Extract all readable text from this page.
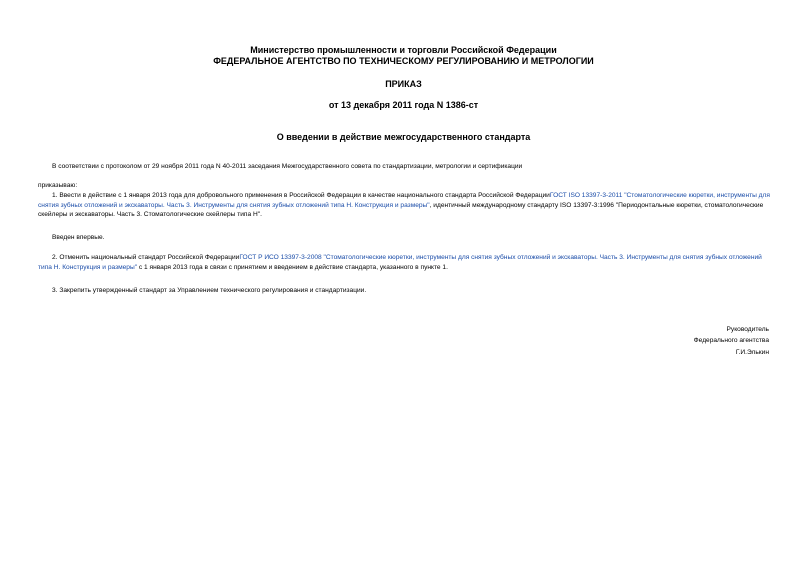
Министерство промышленности и торговли Российской Федерации
ФЕДЕРАЛЬНОЕ АГЕНТСТВО ПО ТЕХНИЧЕСКОМУ РЕГУЛИРОВАНИЮ И МЕТРОЛОГИИ
ПРИКАЗ
от 13 декабря 2011 года N 1386-ст
О введении в действие межгосударственного стандарта

В соответствии с протоколом от 29 ноября 2011 года N 40-2011 заседания Межгосударственного совета по стандартизации, метрологии и сертификации

приказываю:

1. Ввести в действие с 1 января 2013 года для добровольного применения в Российской Федерации в качестве национального стандарта Российской ФедерацииГОСТ ISO 13397-3-2011 "Стоматологические кюретки, инструменты для снятия зубных отложений и экскаваторы. Часть 3. Инструменты для снятия зубных отложений типа Н. Конструкция и размеры", идентичный международному стандарту ISO 13397-3:1996 "Периодонтальные кюретки, стоматологические скейлеры и экскаваторы. Часть 3. Стоматологические скейлеры типа Н".

Введен впервые.

2. Отменить национальный стандарт Российской ФедерацииГОСТ Р ИСО 13397-3-2008 "Стоматологические кюретки, инструменты для снятия зубных отложений и экскаваторы. Часть 3. Инструменты для снятия зубных отложений типа Н. Конструкция и размеры" с 1 января 2013 года в связи с принятием и введением в действие стандарта, указанного в пункте 1.

3. Закрепить утвержденный стандарт за Управлением технического регулирования и стандартизации.

Руководитель
Федерального агентства
Г.И.Элькин
